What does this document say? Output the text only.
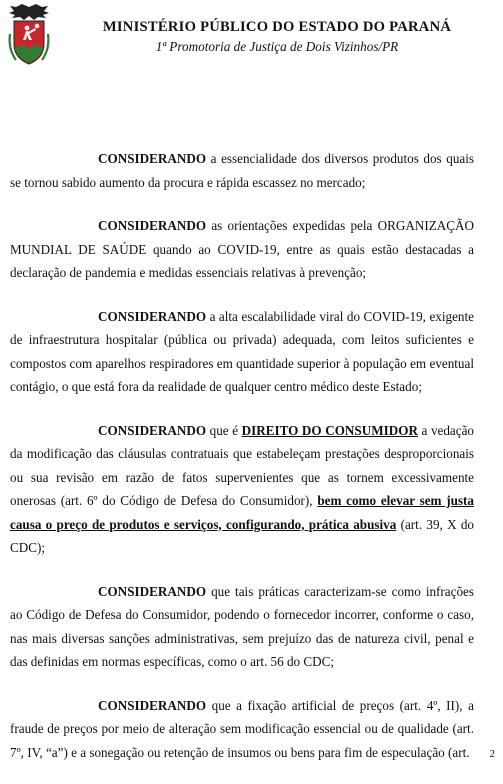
MINISTÉRIO PÚBLICO DO ESTADO DO PARANÁ
1ª Promotoria de Justiça de Dois Vizinhos/PR

CONSIDERANDO a essencialidade dos diversos produtos dos quais se tornou sabido aumento da procura e rápida escassez no mercado;

CONSIDERANDO as orientações expedidas pela ORGANIZAÇÃO MUNDIAL DE SAÚDE quando ao COVID-19, entre as quais estão destacadas a declaração de pandemia e medidas essenciais relativas à prevenção;

CONSIDERANDO a alta escalabilidade viral do COVID-19, exigente de infraestrutura hospitalar (pública ou privada) adequada, com leitos suficientes e compostos com aparelhos respiradores em quantidade superior à população em eventual contágio, o que está fora da realidade de qualquer centro médico deste Estado;

CONSIDERANDO que é DIREITO DO CONSUMIDOR a vedação da modificação das cláusulas contratuais que estabeleçam prestações desproporcionais ou sua revisão em razão de fatos supervenientes que as tornem excessivamente onerosas (art. 6º do Código de Defesa do Consumidor), bem como elevar sem justa causa o preço de produtos e serviços, configurando, prática abusiva (art. 39, X do CDC);

CONSIDERANDO que tais práticas caracterizam-se como infrações ao Código de Defesa do Consumidor, podendo o fornecedor incorrer, conforme o caso, nas mais diversas sanções administrativas, sem prejuízo das de natureza civil, penal e das definidas em normas específicas, como o art. 56 do CDC;

CONSIDERANDO que a fixação artificial de preços (art. 4º, II), a fraude de preços por meio de alteração sem modificação essencial ou de qualidade (art. 7º, IV, “a”) e a sonegação ou retenção de insumos ou bens para fim de especulação (art.	2
